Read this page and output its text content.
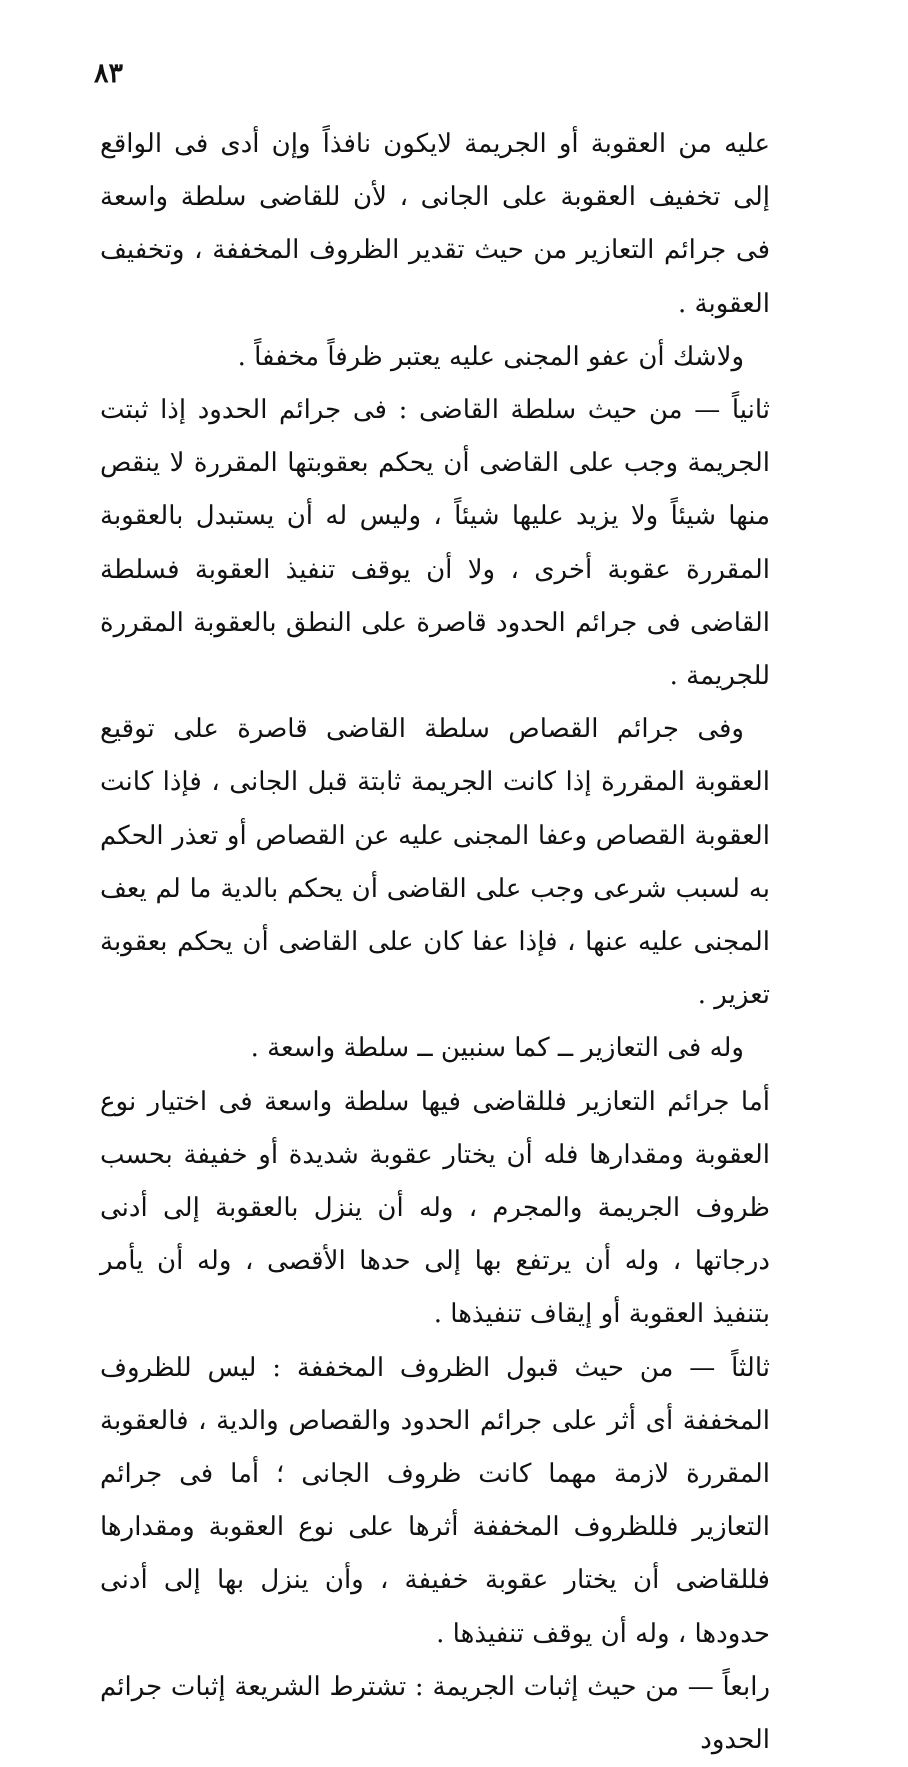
٨٣

عليه من العقوبة أو الجريمة لايكون نافذاً وإن أدى فى الواقع إلى تخفيف العقوبة على الجانى ، لأن للقاضى سلطة واسعة فى جرائم التعازير من حيث تقدير الظروف المخففة ، وتخفيف العقوبة .

ولاشك أن عفو المجنى عليه يعتبر ظرفاً مخففاً .

ثانياً — من حيث سلطة القاضى : فى جرائم الحدود إذا ثبتت الجريمة وجب على القاضى أن يحكم بعقوبتها المقررة لا ينقص منها شيئاً ولا يزيد عليها شيئاً ، وليس له أن يستبدل بالعقوبة المقررة عقوبة أخرى ، ولا أن يوقف تنفيذ العقوبة فسلطة القاضى فى جرائم الحدود قاصرة على النطق بالعقوبة المقررة للجريمة .

وفى جرائم القصاص سلطة القاضى قاصرة على توقيع العقوبة المقررة إذا كانت الجريمة ثابتة قبل الجانى ، فإذا كانت العقوبة القصاص وعفا المجنى عليه عن القصاص أو تعذر الحكم به لسبب شرعى وجب على القاضى أن يحكم بالدية ما لم يعف المجنى عليه عنها ، فإذا عفا كان على القاضى أن يحكم بعقوبة تعزير .

وله فى التعازير ــ كما سنبين ــ سلطة واسعة .

أما جرائم التعازير فللقاضى فيها سلطة واسعة فى اختيار نوع العقوبة ومقدارها فله أن يختار عقوبة شديدة أو خفيفة بحسب ظروف الجريمة والمجرم ، وله أن ينزل بالعقوبة إلى أدنى درجاتها ، وله أن يرتفع بها إلى حدها الأقصى ، وله أن يأمر بتنفيذ العقوبة أو إيقاف تنفيذها .

ثالثاً — من حيث قبول الظروف المخففة : ليس للظروف المخففة أى أثر على جرائم الحدود والقصاص والدية ، فالعقوبة المقررة لازمة مهما كانت ظروف الجانى ؛ أما فى جرائم التعازير فللظروف المخففة أثرها على نوع العقوبة ومقدارها فللقاضى أن يختار عقوبة خفيفة ، وأن ينزل بها إلى أدنى حدودها ، وله أن يوقف تنفيذها .

رابعاً — من حيث إثبات الجريمة : تشترط الشريعة إثبات جرائم الحدود
